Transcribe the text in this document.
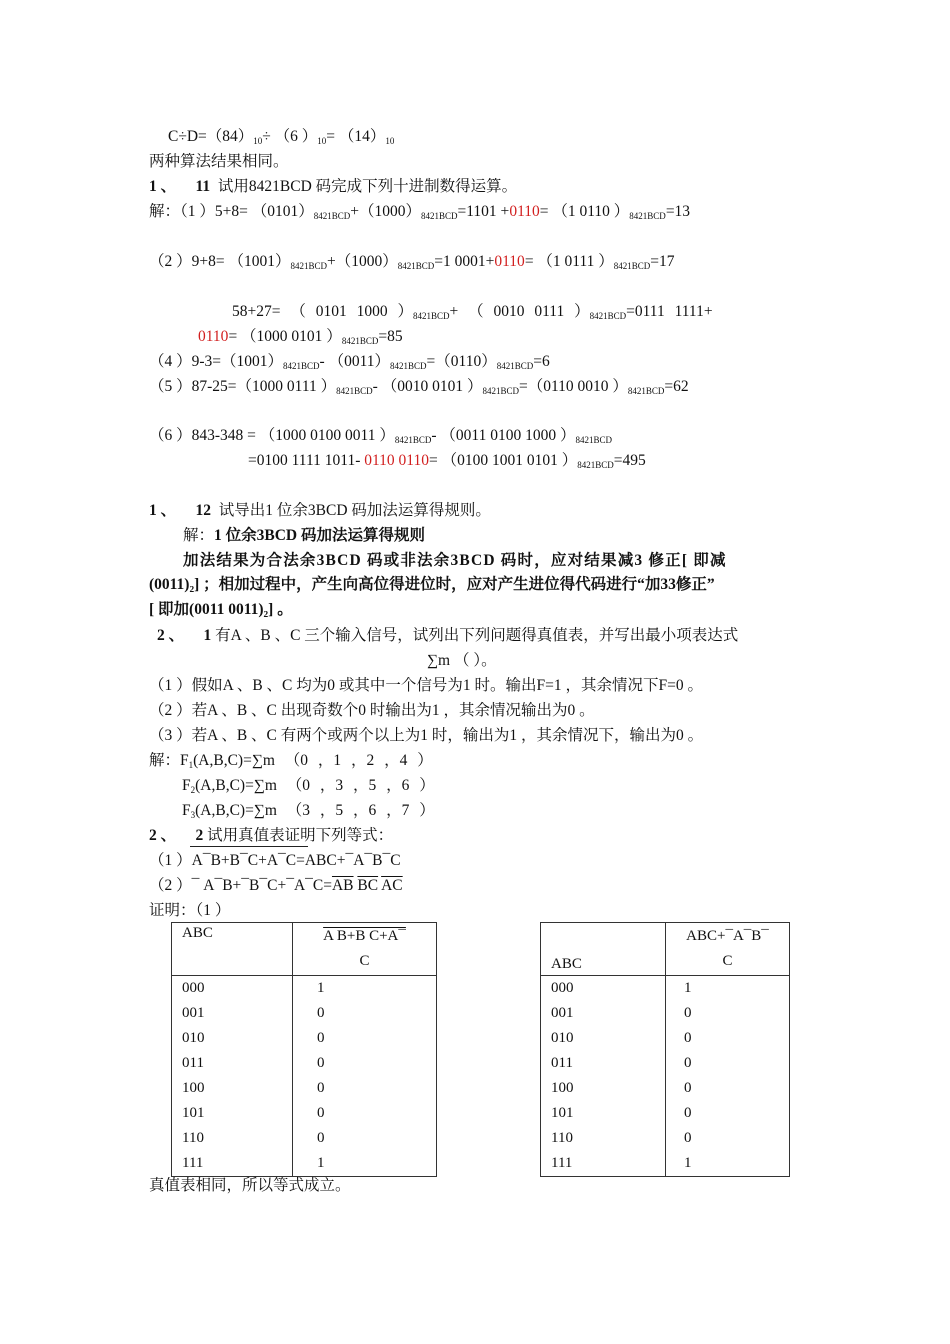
C÷D=（84）10÷ （6 ）10= （14）10
两种算法结果相同。
1 、 11 试用8421BCD 码完成下列十进制数得运算。
解：（1 ）5+8= （0101）8421BCD+（1000）8421BCD=1101 +0110= （1 0110 ）8421BCD=13
（2 ）9+8= （1001）8421BCD+（1000）8421BCD=1 0001+0110= （1 0111 ）8421BCD=17
58+27= （ 0101 1000 ）8421BCD+ （ 0010 0111 ）8421BCD=0111 1111+
0110= （1000 0101 ）8421BCD=85
（4 ）9-3=（1001）8421BCD- （0011）8421BCD=（0110）8421BCD=6
（5 ）87-25=（1000 0111 ）8421BCD- （0010 0101 ）8421BCD=（0110 0010 ）8421BCD=62
（6 ）843-348 = （1000 0100 0011 ）8421BCD- （0011 0100 1000 ）8421BCD
=0100 1111 1011- 0110 0110= （0100 1001 0101 ）8421BCD=495
1 、 12 试导出1 位余3BCD 码加法运算得规则。
解：1 位余3BCD 码加法运算得规则
加法结果为合法余3BCD 码或非法余3BCD 码时，应对结果减3 修正[ 即减
(0011)₂] ；相加过程中，产生向高位得进位时，应对产生进位得代码进行“加33修正”
[ 即加(0011 0011)₂] 。
2 、 1 有A 、B 、C 三个输入信号，试列出下列问题得真值表，并写出最小项表达式
∑m （ ）。
（1 ）假如A 、B 、C 均为0 或其中一个信号为1 时。输出F=1 ，其余情况下F=0 。
（2 ）若A 、B 、C 出现奇数个0 时输出为1 ，其余情况输出为0 。
（3 ）若A 、B 、C 有两个或两个以上为1 时，输出为1 ，其余情况下，输出为0 。
解：F1(A,B,C)=∑m （0 ，1 ，2 ，4 ）
F2(A,B,C)=∑m （0 ，3 ，5 ，6 ）
F3(A,B,C)=∑m （3 ，5 ，6 ，7 ）
2 、 2 试用真值表证明下列等式：
（1 ）A¯B+B¯C+A¯C=ABC+¯A¯B¯C
（2 ）¯ $A¯B+¯B¯C+¯A¯C=\overline{AB}$ $\overline{BC}$ $\overline{AC}$
证明：（1 ）
ABC	A B+B C+A¯
C
000	1
001	0
010	0
011	0
100	0
101	0
110	0
111	1
ABC	ABC+¯A¯B¯
C
000	1
001	0
010	0
011	0
100	0
101	0
110	0
111	1
真值表相同，所以等式成立。
